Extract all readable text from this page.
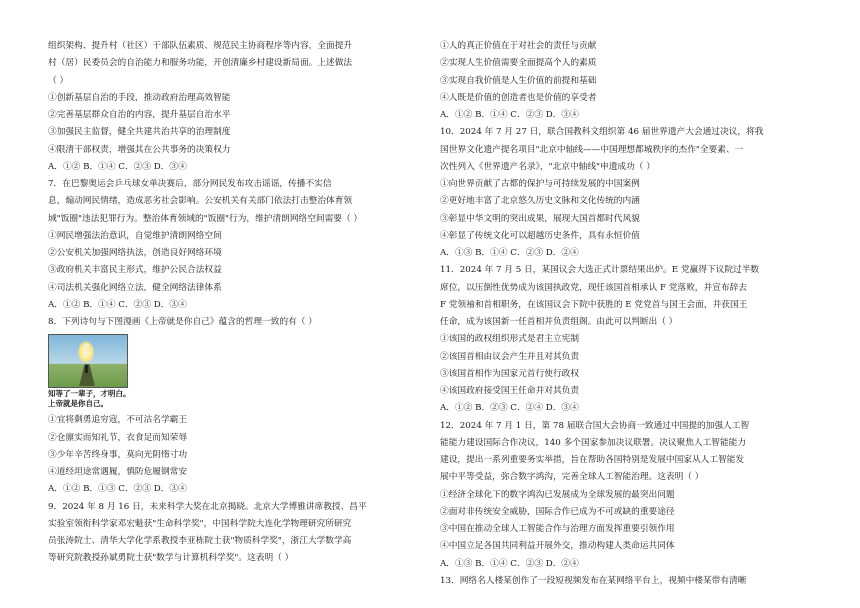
组织架构、提升村（社区）干部队伍素质、规范民主协商程序等内容，全面提升
村（居）民委员会的自治能力和服务功能，开创清廉乡村建设新局面。上述做法
（ ）
①创新基层自治的手段，推动政府治理高效智能
②完善基层群众自治的内容，提升基层自治水平
③加强民主监督，健全共建共治共享的治理制度
④限清干部权责，增强其在公共事务的决策权力
A．①② B．①④ C．②③ D．③④
7．在巴黎奥运会乒乓球女单决赛后，部分网民发布攻击谣谣，传播不实信
息，煽动网民情绪，造成恶劣社会影响。公安机关有关部门依法打击整治体育领
域"饭圈"违法犯罪行为。整治体育领域的"饭圈"行为，维护清朗网络空间需要（ ）
①网民增强法治意识，自觉维护清朗网络空间
②公安机关加强网络执法，创造良好网络环境
③政府机关丰富民主形式，维护公民合法权益
④司法机关强化网络立法，健全网络法律体系
A．①② B．①④ C．②③ D．③④
8．下列诗句与下图漫画《上帝就是你自己》蕴含的哲理一致的有（ ）
知等了一辈子，才明白。
上帝就是你自己。
①宜将剩勇追穷寇，不可沽名学霸王
②仓廪实而知礼节，衣食足而知荣辱
③少年辛苦终身事，莫向光阴惰寸功
④道经坦途常遇履，慎防危履钢常安
A．①② B．①③ C．②③ D．③④
9．2024 年 8 月 16 日，未来科学大奖在北京揭晓。北京大学博雅讲席教授、昌平
实验室领衔科学家邓宏魁获"生命科学奖"，中国科学院大连化学物理研究所研究
员张涛院士、清华大学化学系教授李亚栋院士获"物质科学奖"，浙江大学数学高
等研究院教授孙斌勇院士获"数学与计算机科学奖"。这表明（ ）
①人的真正价值在于对社会的责任与贡献
②实现人生价值需要全面提高个人的素质
③实现自我价值是人生价值的前提和基础
④人既是价值的创造者也是价值的享受者
A．①② B．①④ C．②③ D．③④
10．2024 年 7 月 27 日，联合国教科文组织第 46 届世界遗产大会通过决议，将我
国世界文化遗产提名项目"北京中轴线——中国理想都城秩序的杰作"全要素、一
次性列入《世界遗产名录》，"北京中轴线"申遗成功（ ）
①向世界贡献了古都的保护与可持续发展的中国案例
②更好地丰富了北京悠久历史文脉和文化传统的内涵
③彰显中华文明的突出成果，展现大国首都时代风貌
④彰显了传统文化可以超越历史条件，具有永恒价值
A．①③ B．①④ C．②③ D．②④
11．2024 年 7 月 5 日，某国议会大选正式计票结果出炉。E 党赢得下议院过半数
席位，以压倒性优势成为该国执政党，现任该国首相承认 F 党落败，并宣布辞去
F 党领袖和首相职务，在该国议会下院中获胜的 E 党党首与国王会面，并获国王
任命，成为该国新一任首相并负责组阁。由此可以判断出（ ）
①该国的政权组织形式是君主立宪制
②该国首相由议会产生并且对其负责
③该国首相作为国家元首行使行政权
④该国政府接受国王任命并对其负责
A．①② B．②③ C．②④ D．③④
12．2024 年 7 月 1 日，第 78 届联合国大会协商一致通过中国提的加强人工智
能能力建设国际合作决议，140 多个国家参加决议联署。决议聚焦人工智能能力
建设，提出一系列重要务实举措，旨在帮助各国特别是发展中国家从人工智能发
展中平等受益，弥合数字鸿沟，完善全球人工智能治理。这表明（ ）
①经济全球化下的数字鸿沟已发展成为全球发展的最突出问题
②面对非传统安全威胁，国际合作已成为不可或缺的重要途径
③中国在推动全球人工智能合作与治理方面发挥重要引领作用
④中国立足各国共同利益开展外交，推动构建人类命运共同体
A．①③ B．①④ C．②③ D．②④
13．网络名人楼某创作了一段短视频发布在某网络平台上，视频中楼某带有清晰
